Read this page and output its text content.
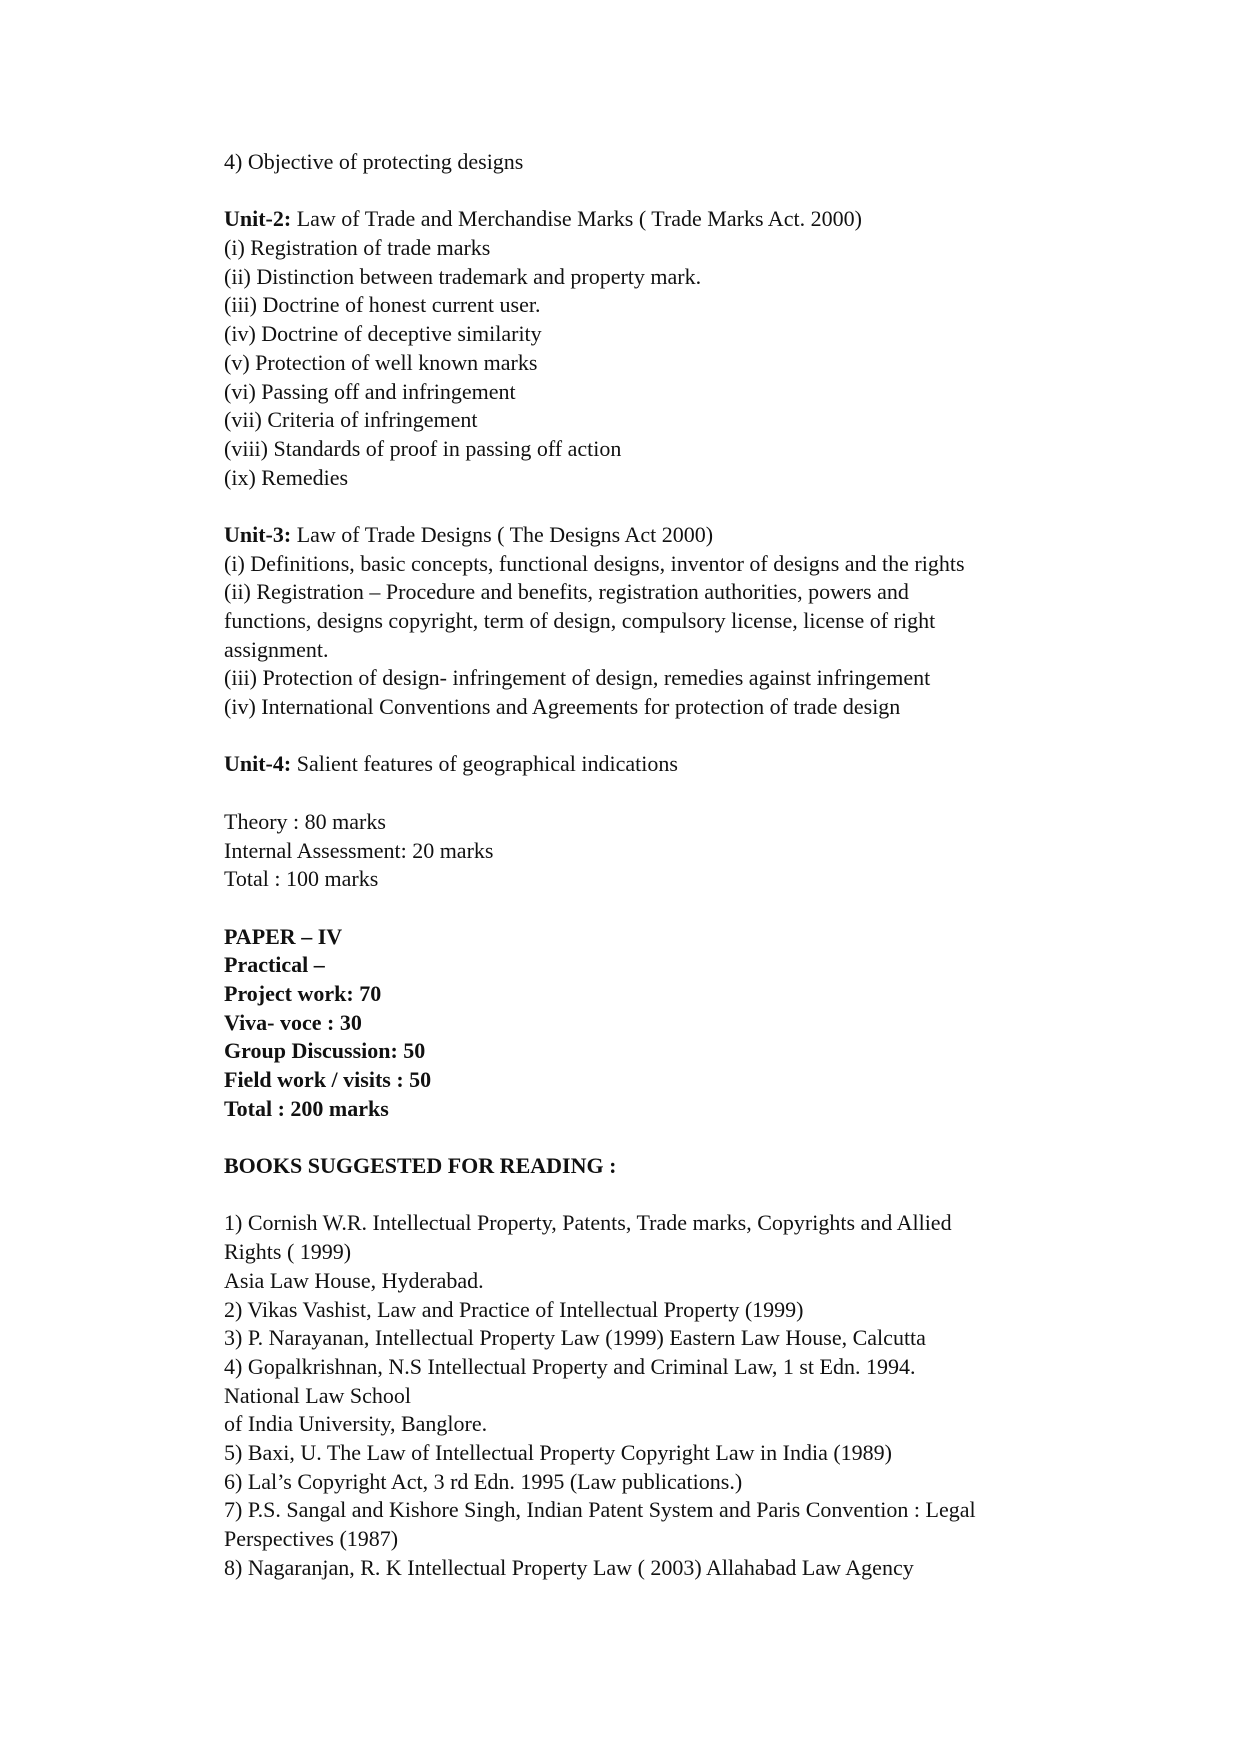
4) Objective of protecting designs
Unit-2: Law of Trade and Merchandise Marks ( Trade Marks Act. 2000)
(i) Registration of trade marks
(ii) Distinction between trademark and property mark.
(iii) Doctrine of honest current user.
(iv) Doctrine of deceptive similarity
(v) Protection of well known marks
(vi) Passing off and infringement
(vii) Criteria of infringement
(viii) Standards of proof in passing off action
(ix) Remedies
Unit-3: Law of Trade Designs ( The Designs Act 2000)
(i) Definitions, basic concepts, functional designs, inventor of designs and the rights
(ii) Registration – Procedure and benefits, registration authorities, powers and
functions, designs copyright, term of design, compulsory license, license of right
assignment.
(iii) Protection of design- infringement of design, remedies against infringement
(iv) International Conventions and Agreements for protection of trade design
Unit-4: Salient features of geographical indications
Theory : 80 marks
Internal Assessment: 20 marks
Total : 100 marks
PAPER – IV
Practical –
Project work: 70
Viva- voce : 30
Group Discussion: 50
Field work / visits : 50
Total : 200 marks
BOOKS SUGGESTED FOR READING :
1) Cornish W.R. Intellectual Property, Patents, Trade marks, Copyrights and Allied
Rights ( 1999)
Asia Law House, Hyderabad.
2) Vikas Vashist, Law and Practice of Intellectual Property (1999)
3) P. Narayanan, Intellectual Property Law (1999) Eastern Law House, Calcutta
4) Gopalkrishnan, N.S Intellectual Property and Criminal Law, 1 st Edn. 1994.
National Law School
of India University, Banglore.
5) Baxi, U. The Law of Intellectual Property Copyright Law in India (1989)
6) Lal’s Copyright Act, 3 rd Edn. 1995 (Law publications.)
7) P.S. Sangal and Kishore Singh, Indian Patent System and Paris Convention : Legal
Perspectives (1987)
8) Nagaranjan, R. K Intellectual Property Law ( 2003) Allahabad Law Agency
